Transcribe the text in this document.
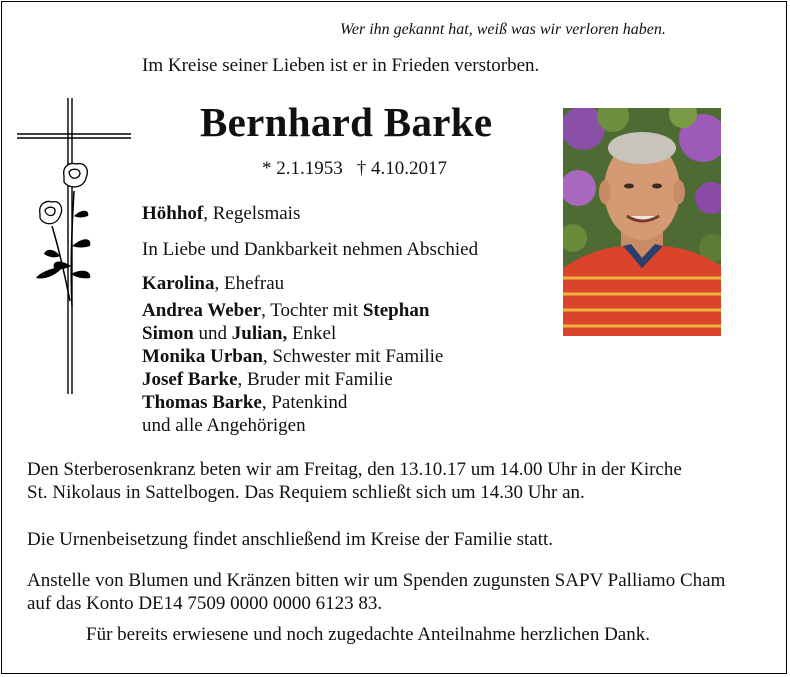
Wer ihn gekannt hat, weiß was wir verloren haben.
Im Kreise seiner Lieben ist er in Frieden verstorben.
Bernhard Barke
* 2.1.1953 † 4.10.2017
Höhhof, Regelsmais
In Liebe und Dankbarkeit nehmen Abschied
Karolina, Ehefrau
Andrea Weber, Tochter mit Stephan
Simon und Julian, Enkel
Monika Urban, Schwester mit Familie
Josef Barke, Bruder mit Familie
Thomas Barke, Patenkind
und alle Angehörigen
Den Sterberosenkranz beten wir am Freitag, den 13.10.17 um 14.00 Uhr in der Kirche
St. Nikolaus in Sattelbogen. Das Requiem schließt sich um 14.30 Uhr an.
Die Urnenbeisetzung findet anschließend im Kreise der Familie statt.
Anstelle von Blumen und Kränzen bitten wir um Spenden zugunsten SAPV Palliamo Cham
auf das Konto DE14 7509 0000 0000 6123 83.
Für bereits erwiesene und noch zugedachte Anteilnahme herzlichen Dank.
